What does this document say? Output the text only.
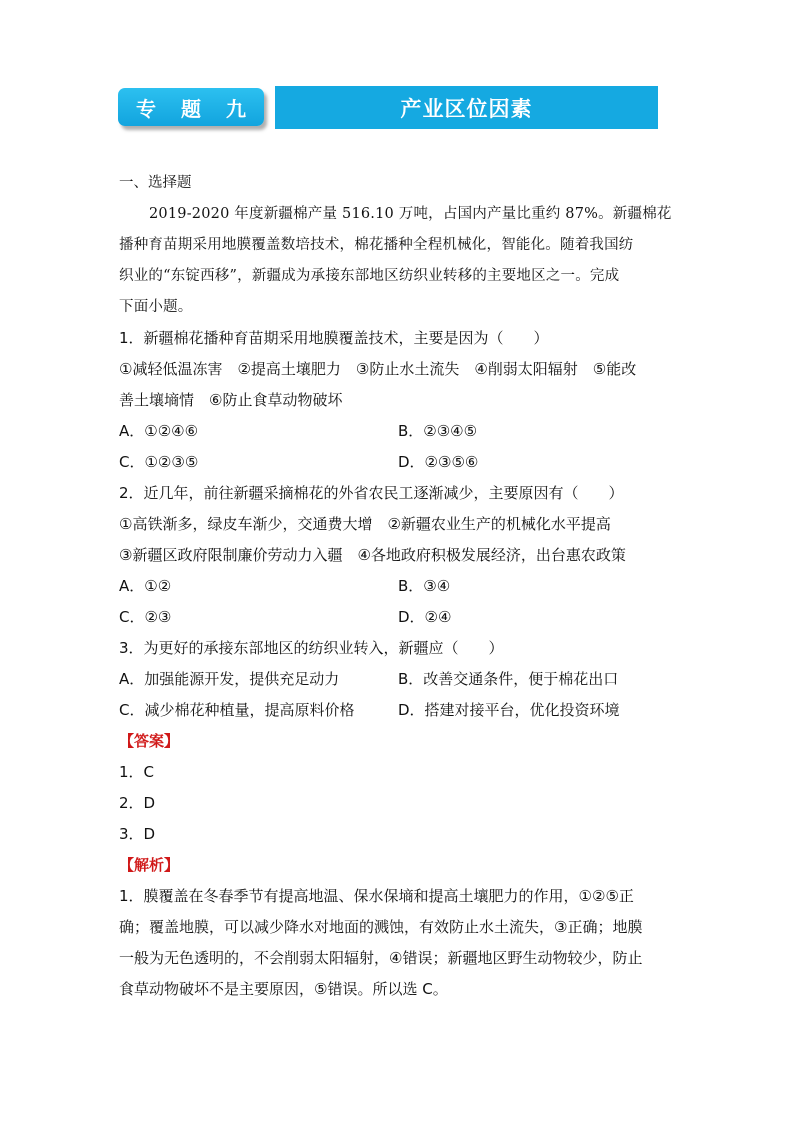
专 题 九	产业区位因素
一、选择题
2019-2020 年度新疆棉产量 516.10 万吨，占国内产量比重约 87%。新疆棉花
播种育苗期采用地膜覆盖数培技术，棉花播种全程机械化，智能化。随着我国纺
织业的“东锭西移”，新疆成为承接东部地区纺织业转移的主要地区之一。完成
下面小题。
1．新疆棉花播种育苗期采用地膜覆盖技术，主要是因为（　　）
①减轻低温冻害　②提高土壤肥力　③防止水土流失　④削弱太阳辐射　⑤能改
善土壤墒情　⑥防止食草动物破坏
A．①②④⑥	B．②③④⑤
C．①②③⑤	D．②③⑤⑥
2．近几年，前往新疆采摘棉花的外省农民工逐渐减少，主要原因有（　　）
①高铁渐多，绿皮车渐少，交通费大增　②新疆农业生产的机械化水平提高
③新疆区政府限制廉价劳动力入疆　④各地政府积极发展经济，出台惠农政策
A．①②	B．③④
C．②③	D．②④
3．为更好的承接东部地区的纺织业转入，新疆应（　　）
A．加强能源开发，提供充足动力	B．改善交通条件，便于棉花出口
C．减少棉花种植量，提高原料价格	D．搭建对接平台，优化投资环境
【答案】
1．C
2．D
3．D
【解析】
1．膜覆盖在冬春季节有提高地温、保水保墒和提高土壤肥力的作用，①②⑤正
确；覆盖地膜，可以减少降水对地面的溅蚀，有效防止水土流失，③正确；地膜
一般为无色透明的，不会削弱太阳辐射，④错误；新疆地区野生动物较少，防止
食草动物破坏不是主要原因，⑤错误。所以选 C。
